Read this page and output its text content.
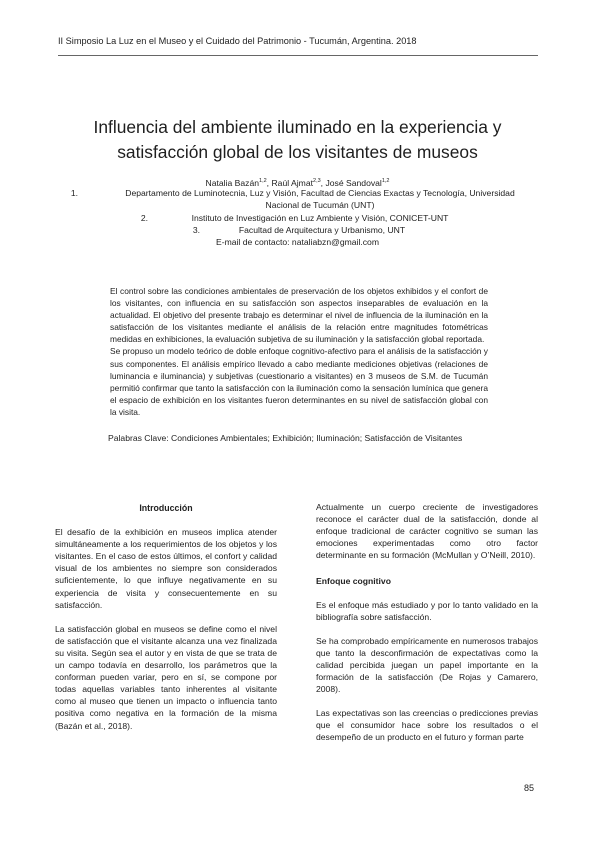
II Simposio La Luz en el Museo y el Cuidado del Patrimonio - Tucumán, Argentina. 2018
Influencia del ambiente iluminado en la experiencia y
satisfacción global de los visitantes de museos
Natalia Bazán$^{1,2}$, Raúl Ajmat$^{2,3}$, José Sandoval$^{1,2}$
1.	Departamento de Luminotecnia, Luz y Visión, Facultad de Ciencias Exactas y Tecnología, Universidad
Nacional de Tucumán (UNT)
2.	Instituto de Investigación en Luz Ambiente y Visión, CONICET-UNT
3.	Facultad de Arquitectura y Urbanismo, UNT
E-mail de contacto: nataliabzn@gmail.com

El control sobre las condiciones ambientales de preservación de los objetos exhibidos y el confort de los visitantes, con influencia en su satisfacción son aspectos inseparables de evaluación en la actualidad. El objetivo del presente trabajo es determinar el nivel de influencia de la iluminación en la satisfacción de los visitantes mediante el análisis de la relación entre magnitudes fotométricas medidas en exhibiciones, la evaluación subjetiva de su iluminación y la satisfacción global reportada.

Se propuso un modelo teórico de doble enfoque cognitivo-afectivo para el análisis de la satisfacción y sus componentes. El análisis empírico llevado a cabo mediante mediciones objetivas (relaciones de luminancia e iluminancia) y subjetivas (cuestionario a visitantes) en 3 museos de S.M. de Tucumán permitió confirmar que tanto la satisfacción con la iluminación como la sensación lumínica que genera el espacio de exhibición en los visitantes fueron determinantes en su nivel de satisfacción global con la visita.

Palabras Clave: Condiciones Ambientales; Exhibición; Iluminación; Satisfacción de Visitantes
Introducción

El desafío de la exhibición en museos implica atender simultáneamente a los requerimientos de los objetos y los visitantes. En el caso de estos últimos, el confort y calidad visual de los ambientes no siempre son considerados suficientemente, lo que influye negativamente en su experiencia de visita y consecuentemente en su satisfacción.

La satisfacción global en museos se define como el nivel de satisfacción que el visitante alcanza una vez finalizada su visita. Según sea el autor y en vista de que se trata de un campo todavía en desarrollo, los parámetros que la conforman pueden variar, pero en sí, se compone por todas aquellas variables tanto inherentes al visitante como al museo que tienen un impacto o influencia tanto positiva como negativa en la formación de la misma (Bazán et al., 2018).

Actualmente un cuerpo creciente de investigadores reconoce el carácter dual de la satisfacción, donde al enfoque tradicional de carácter cognitivo se suman las emociones experimentadas como otro factor determinante en su formación (McMullan y O’Neill, 2010).

Enfoque cognitivo

Es el enfoque más estudiado y por lo tanto validado en la bibliografía sobre satisfacción.

Se ha comprobado empíricamente en numerosos trabajos que tanto la desconfirmación de expectativas como la calidad percibida juegan un papel importante en la formación de la satisfacción (De Rojas y Camarero, 2008).

Las expectativas son las creencias o predicciones previas que el consumidor hace sobre los resultados o el desempeño de un producto en el futuro y forman parte

85
